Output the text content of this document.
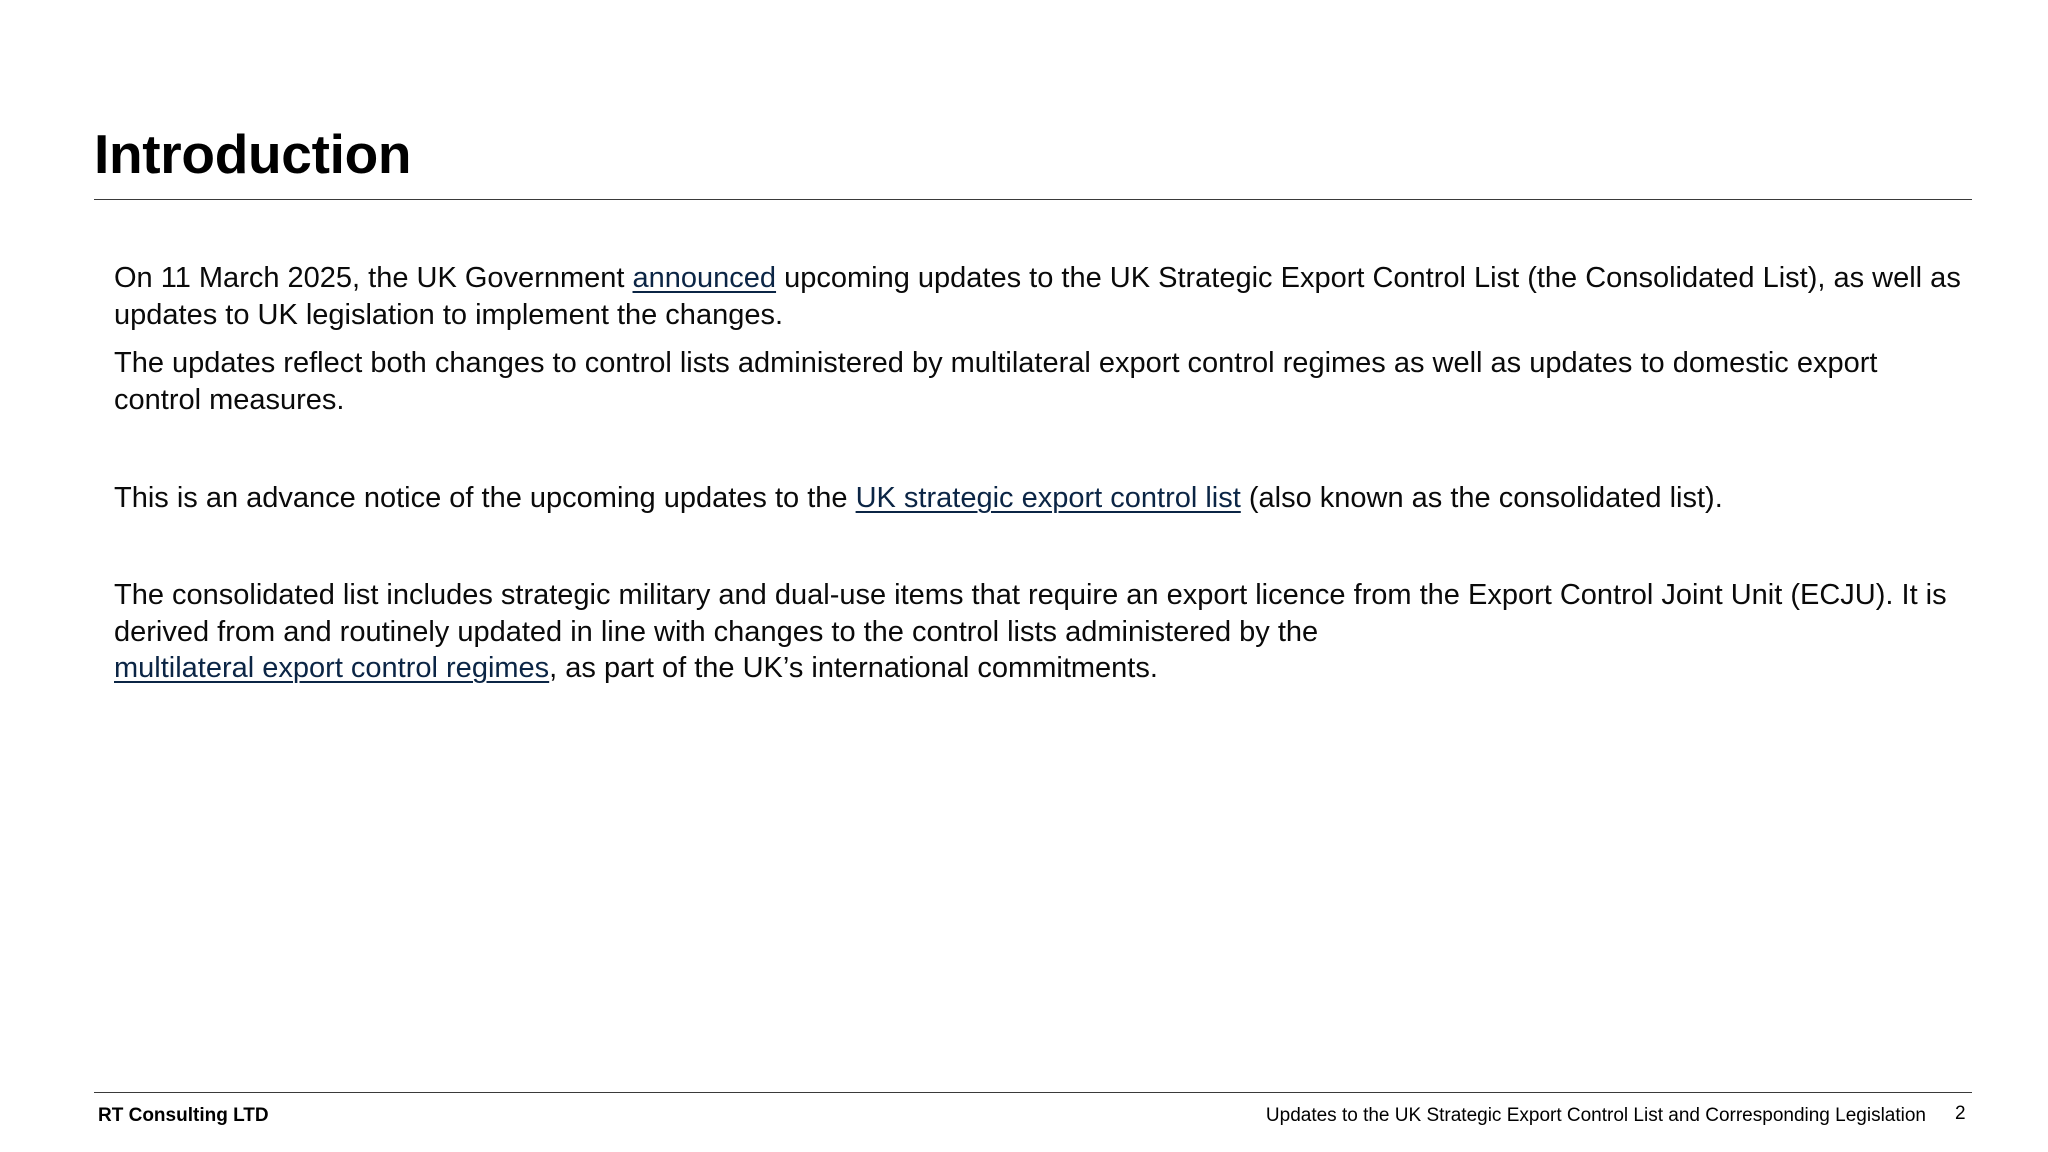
Introduction

On 11 March 2025, the UK Government announced upcoming updates to the UK Strategic Export Control List (the Consolidated List), as well as updates to UK legislation to implement the changes.

The updates reflect both changes to control lists administered by multilateral export control regimes as well as updates to domestic export control measures.

This is an advance notice of the upcoming updates to the UK strategic export control list (also known as the consolidated list).

The consolidated list includes strategic military and dual-use items that require an export licence from the Export Control Joint Unit (ECJU). It is derived from and routinely updated in line with changes to the control lists administered by the
multilateral export control regimes, as part of the UK’s international commitments.

RT Consulting LTD	Updates to the UK Strategic Export Control List and Corresponding Legislation 2
